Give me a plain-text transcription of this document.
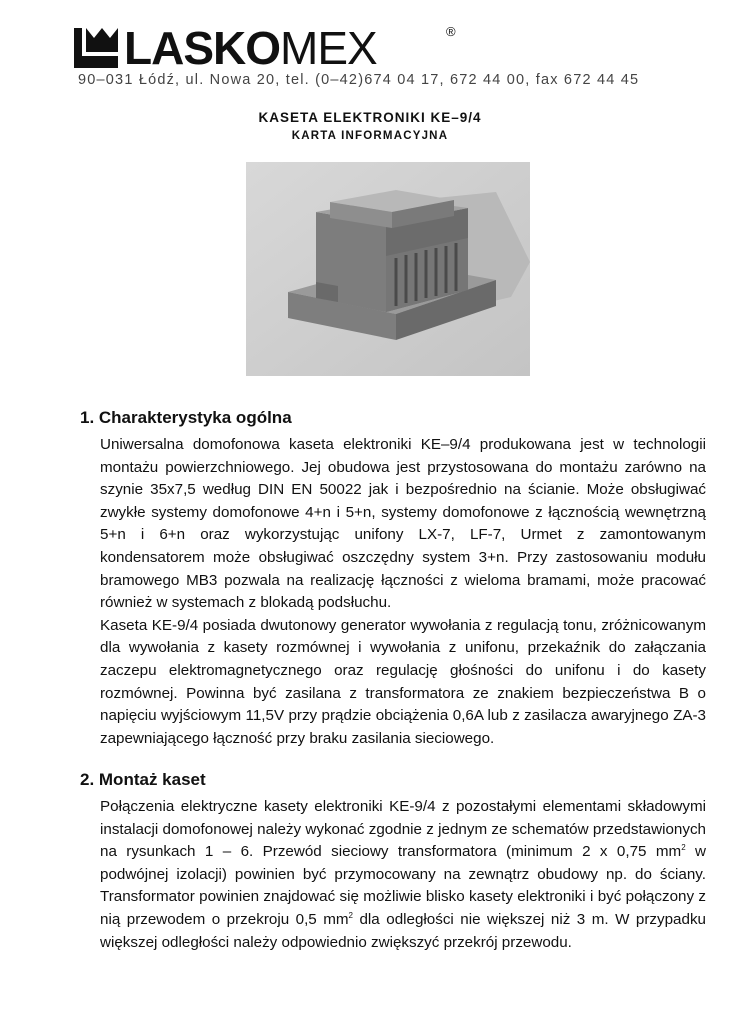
LASKOMEX	®
90–031 Łódź, ul. Nowa 20, tel. (0–42)674 04 17, 672 44 00, fax 672 44 45
KASETA ELEKTRONIKI KE–9/4
KARTA INFORMACYJNA
1. Charakterystyka ogólna

Uniwersalna domofonowa kaseta elektroniki KE–9/4 produkowana jest w technologii montażu powierzchniowego. Jej obudowa jest przystosowana do montażu zarówno na szynie 35x7,5 według DIN EN 50022 jak i bezpośrednio na ścianie. Może obsługiwać zwykłe systemy domofonowe 4+n i 5+n, systemy domofonowe z łącznością wewnętrzną 5+n i 6+n oraz wykorzystując unifony LX-7, LF-7, Urmet z zamontowanym kondensatorem może obsługiwać oszczędny system 3+n. Przy zastosowaniu modułu bramowego MB3 pozwala na realizację łączności z wieloma bramami, może pracować również w systemach z blokadą podsłuchu.

Kaseta KE-9/4 posiada dwutonowy generator wywołania z regulacją tonu, zróżnicowanym dla wywołania z kasety rozmównej i wywołania z unifonu, przekaźnik do załączania zaczepu elektromagnetycznego oraz regulację głośności do unifonu i do kasety rozmównej. Powinna być zasilana z transformatora ze znakiem bezpieczeństwa B o napięciu wyjściowym 11,5V przy prądzie obciążenia 0,6A lub z zasilacza awaryjnego ZA-3 zapewniającego łączność przy braku zasilania sieciowego.

2. Montaż kaset

Połączenia elektryczne kasety elektroniki KE-9/4 z pozostałymi elementami składowymi instalacji domofonowej należy wykonać zgodnie z jednym ze schematów przedstawionych na rysunkach 1 – 6. Przewód sieciowy transformatora (minimum 2 x 0,75 $mm^2$ w podwójnej izolacji) powinien być przymocowany na zewnątrz obudowy np. do ściany. Transformator powinien znajdować się możliwie blisko kasety elektroniki i być połączony z nią przewodem o przekroju 0,5 $mm^2$ dla odległości nie większej niż 3 m. W przypadku większej odległości należy odpowiednio zwiększyć przekrój przewodu.
